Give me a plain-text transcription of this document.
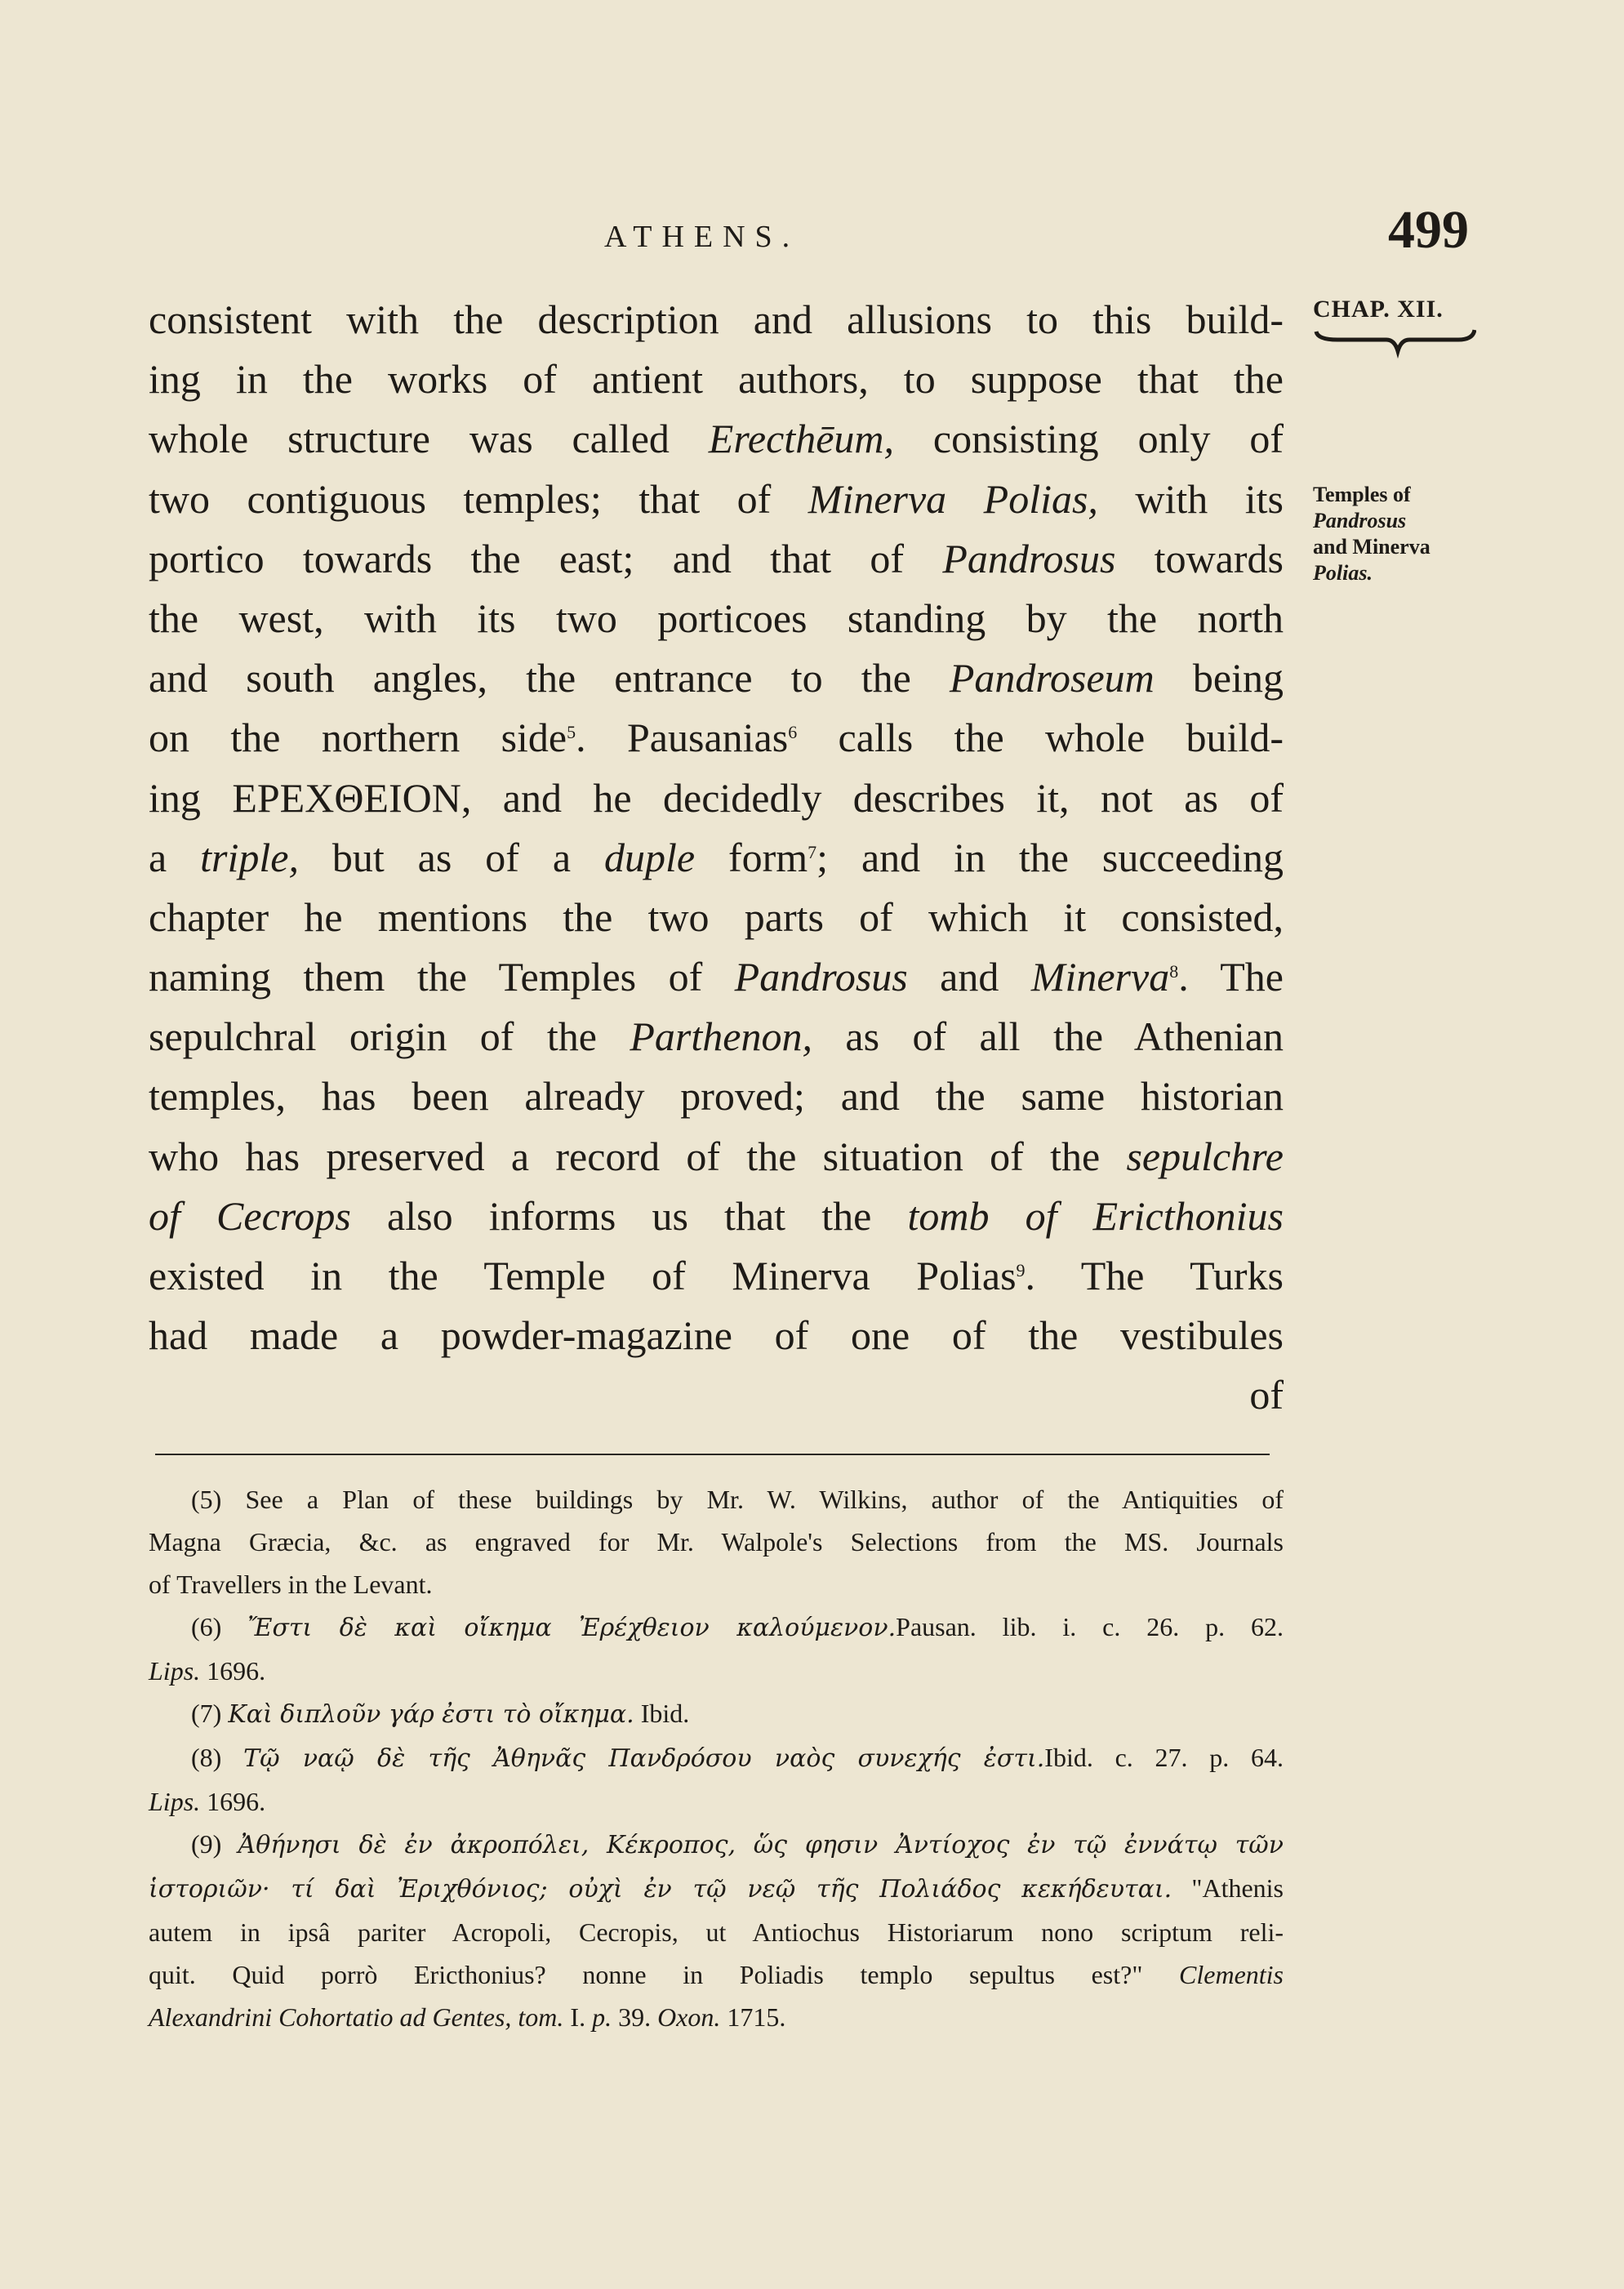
ATHENS.	499
CHAP. XII.
Temples of
Pandrosus
and Minerva
Polias.
consistent with the description and allusions to this build-
ing in the works of antient authors, to suppose that the
whole structure was called Erecthēum, consisting only of
two contiguous temples; that of Minerva Polias, with its
portico towards the east; and that of Pandrosus towards
the west, with its two porticoes standing by the north
and south angles, the entrance to the Pandroseum being
on the northern side$^5$. Pausanias$^6$ calls the whole build-
ing ΕΡΕΧΘΕΙΟΝ, and he decidedly describes it, not as of
a triple, but as of a duple form$^7$; and in the succeeding
chapter he mentions the two parts of which it consisted,
naming them the Temples of Pandrosus and Minerva$^8$. The
sepulchral origin of the Parthenon, as of all the Athenian
temples, has been already proved; and the same historian
who has preserved a record of the situation of the sepulchre
of Cecrops also informs us that the tomb of Ericthonius
existed in the Temple of Minerva Polias$^9$. The Turks
had made a powder-magazine of one of the vestibules
of
(5) See a Plan of these buildings by Mr. W. Wilkins, author of the Antiquities of
Magna Græcia, &c. as engraved for Mr. Walpole's Selections from the MS. Journals
of Travellers in the Levant.
(6) Ἔστι δὲ καὶ οἴκημα Ἐρέχθειον καλούμενον.Pausan. lib. i. c. 26. p. 62.
Lips. 1696.
(7) Καὶ διπλοῦν γάρ ἐστι τὸ οἴκημα. Ibid.
(8) Τῷ ναῷ δὲ τῆς Ἀθηνᾶς Πανδρόσου ναὸς συνεχής ἐστι.Ibid. c. 27. p. 64.
Lips. 1696.
(9) Ἀθήνησι δὲ ἐν ἀκροπόλει, Κέκροπος, ὥς φησιν Ἀντίοχος ἐν τῷ ἐννάτῳ τῶν
ἱστοριῶν· τί δαὶ Ἐριχθόνιος; οὐχὶ ἐν τῷ νεῷ τῆς Πολιάδος κεκήδευται. "Athenis
autem in ipsâ pariter Acropoli, Cecropis, ut Antiochus Historiarum nono scriptum reli-
quit. Quid porrò Ericthonius? nonne in Poliadis templo sepultus est?" Clementis
Alexandrini Cohortatio ad Gentes, tom. I. p. 39. Oxon. 1715.
